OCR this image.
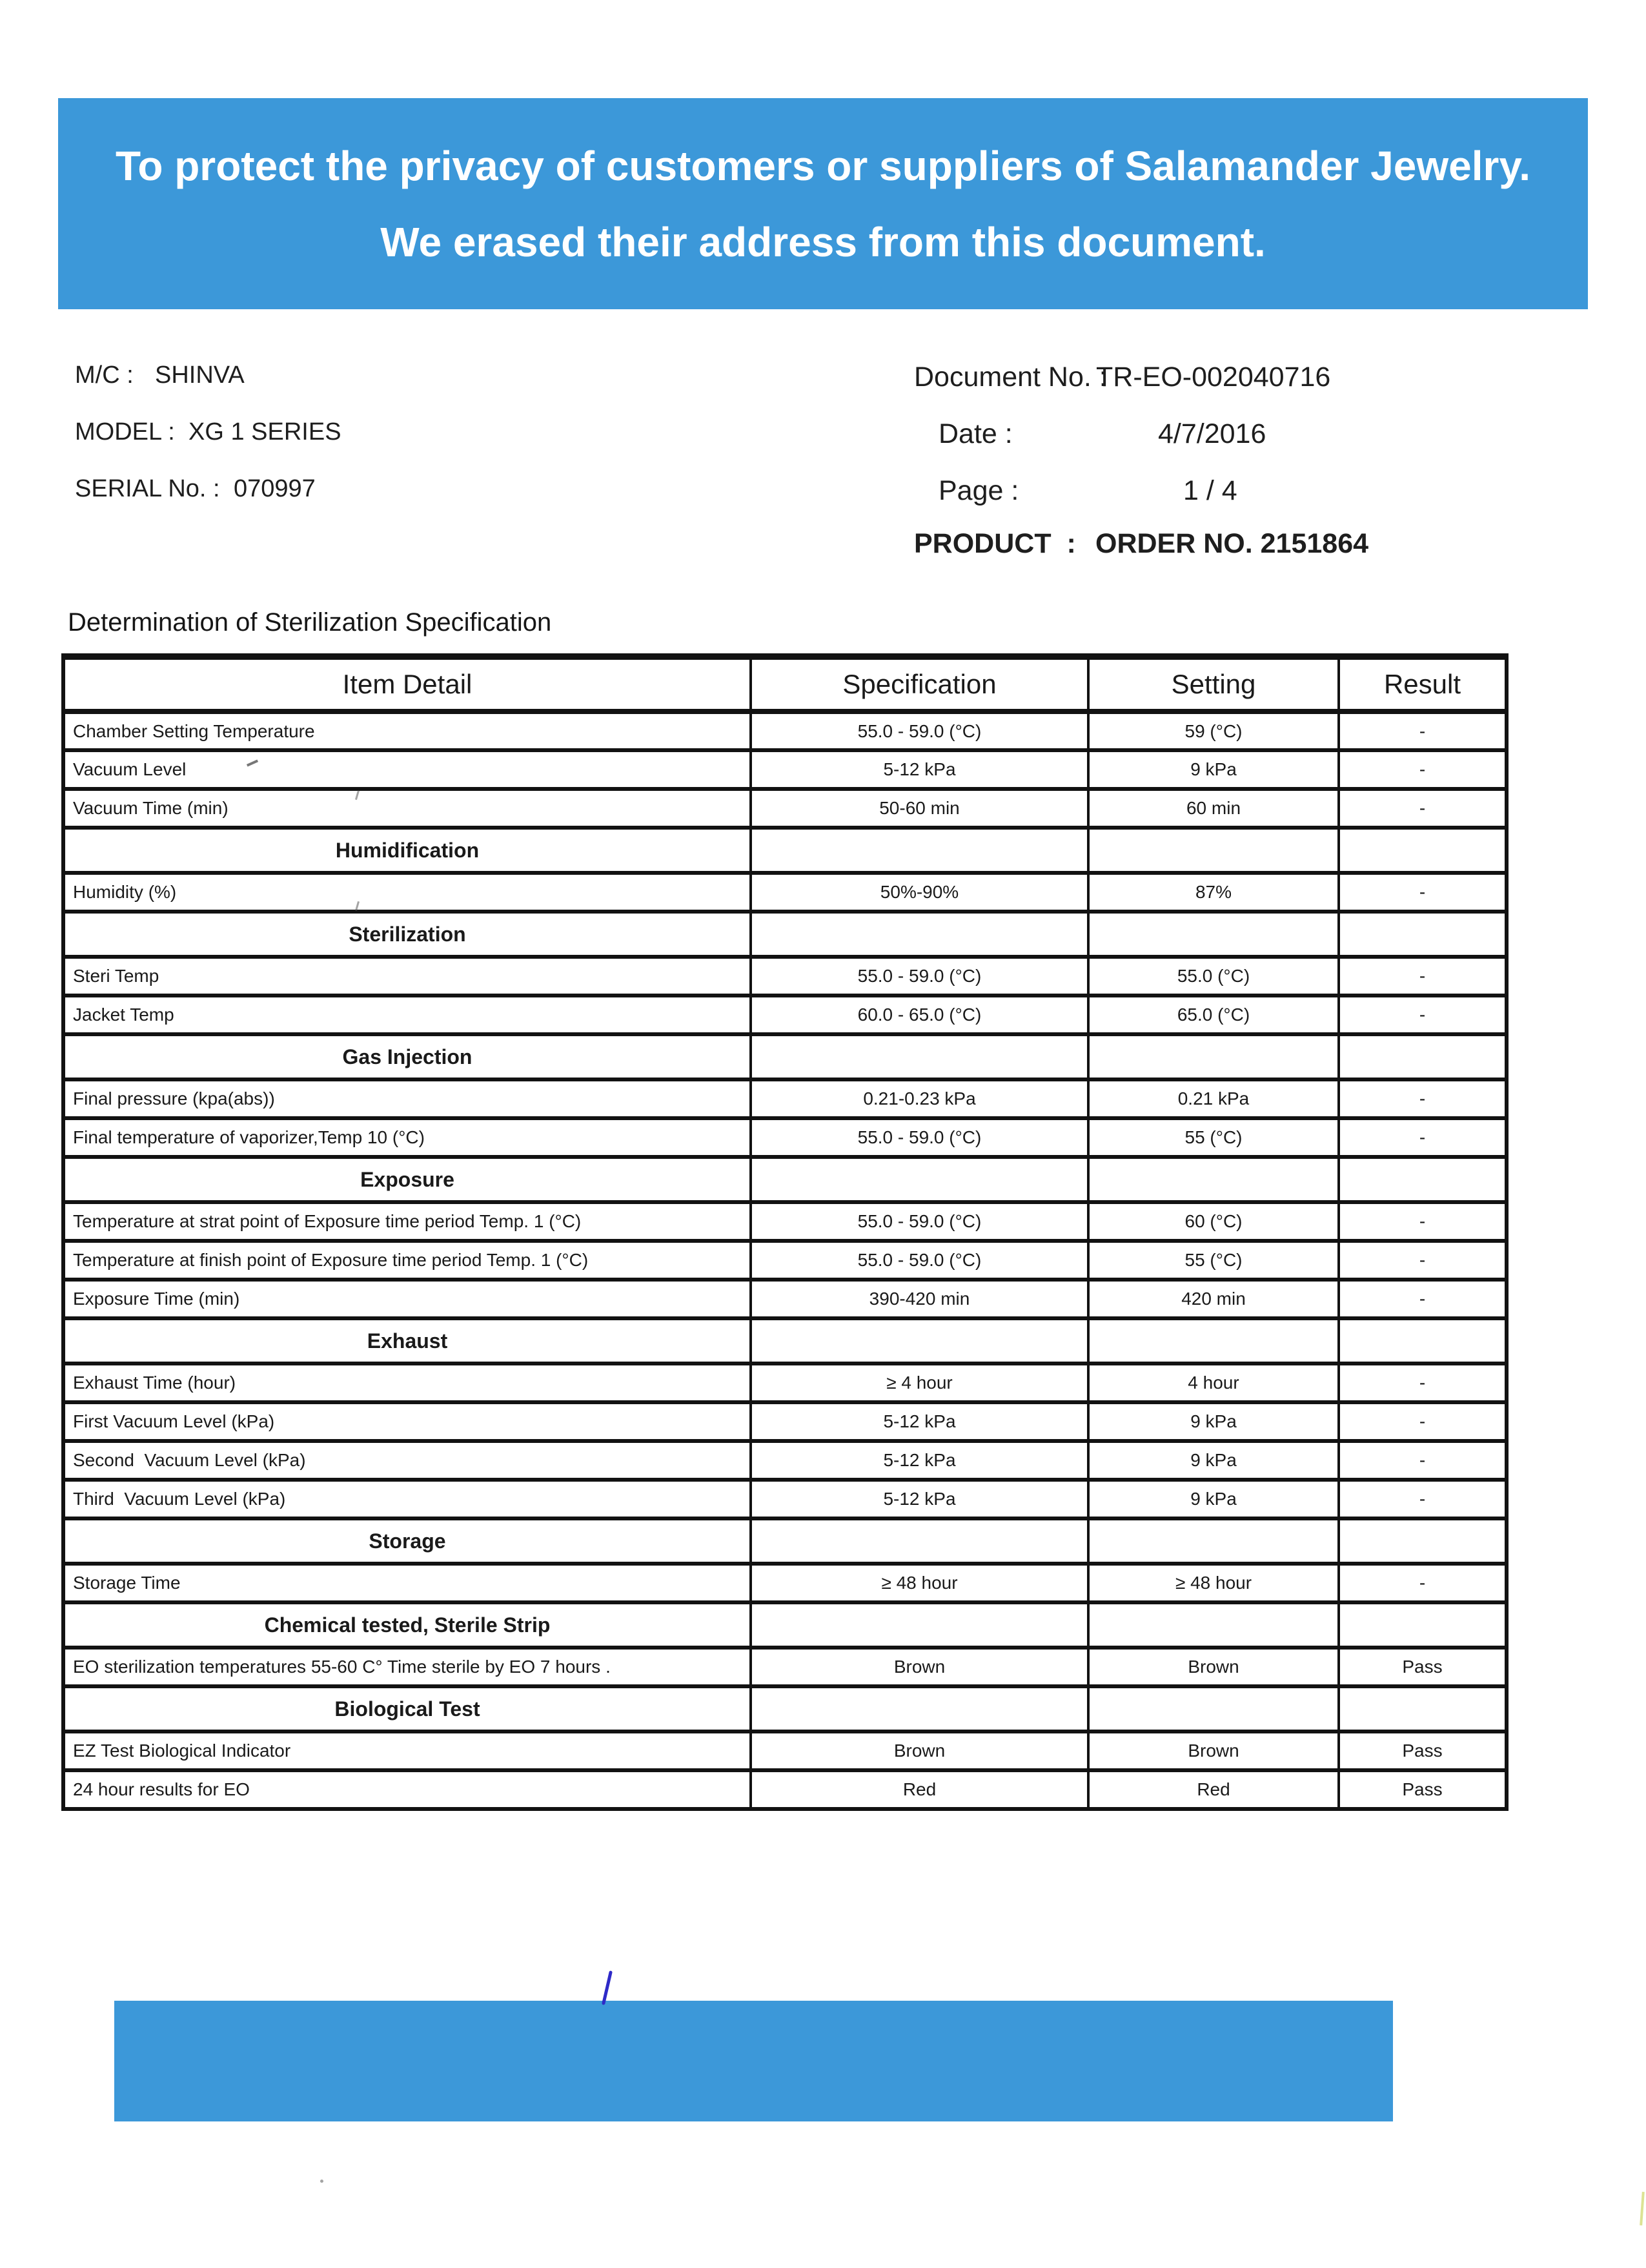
To protect the privacy of customers or suppliers of Salamander Jewelry.
We erased their address from this document.
M/C : SHINVA
MODEL : XG 1 SERIES
SERIAL No. : 070997
Document No. :
TR-EO-002040716
Date :	4/7/2016
Page :	1 / 4
PRODUCT  : ORDER NO. 2151864
Determination of Sterilization Specification
Item Detail	Specification	Setting	Result
Chamber Setting Temperature	55.0 - 59.0 (°C)	59 (°C)	-
Vacuum Level	5-12 kPa	9 kPa	-
Vacuum Time (min)	50-60 min	60 min	-
Humidification			
Humidity (%)	50%-90%	87%	-
Sterilization			
Steri Temp	55.0 - 59.0 (°C)	55.0 (°C)	-
Jacket Temp	60.0 - 65.0 (°C)	65.0 (°C)	-
Gas Injection			
Final pressure (kpa(abs))	0.21-0.23 kPa	0.21 kPa	-
Final temperature of vaporizer,Temp 10 (°C)	55.0 - 59.0 (°C)	55 (°C)	-
Exposure			
Temperature at strat point of Exposure time period Temp. 1 (°C)	55.0 - 59.0 (°C)	60 (°C)	-
Temperature at finish point of Exposure time period Temp. 1 (°C)	55.0 - 59.0 (°C)	55 (°C)	-
Exposure Time (min)	390-420 min	420 min	-
Exhaust			
Exhaust Time (hour)	≥ 4 hour	4 hour	-
First Vacuum Level (kPa)	5-12 kPa	9 kPa	-
Second  Vacuum Level (kPa)	5-12 kPa	9 kPa	-
Third  Vacuum Level (kPa)	5-12 kPa	9 kPa	-
Storage			
Storage Time	≥ 48 hour	≥ 48 hour	-
Chemical tested, Sterile Strip			
EO sterilization temperatures 55-60 C° Time sterile by EO 7 hours .	Brown	Brown	Pass
Biological Test			
EZ Test Biological Indicator	Brown	Brown	Pass
24 hour results for EO	Red	Red	Pass
